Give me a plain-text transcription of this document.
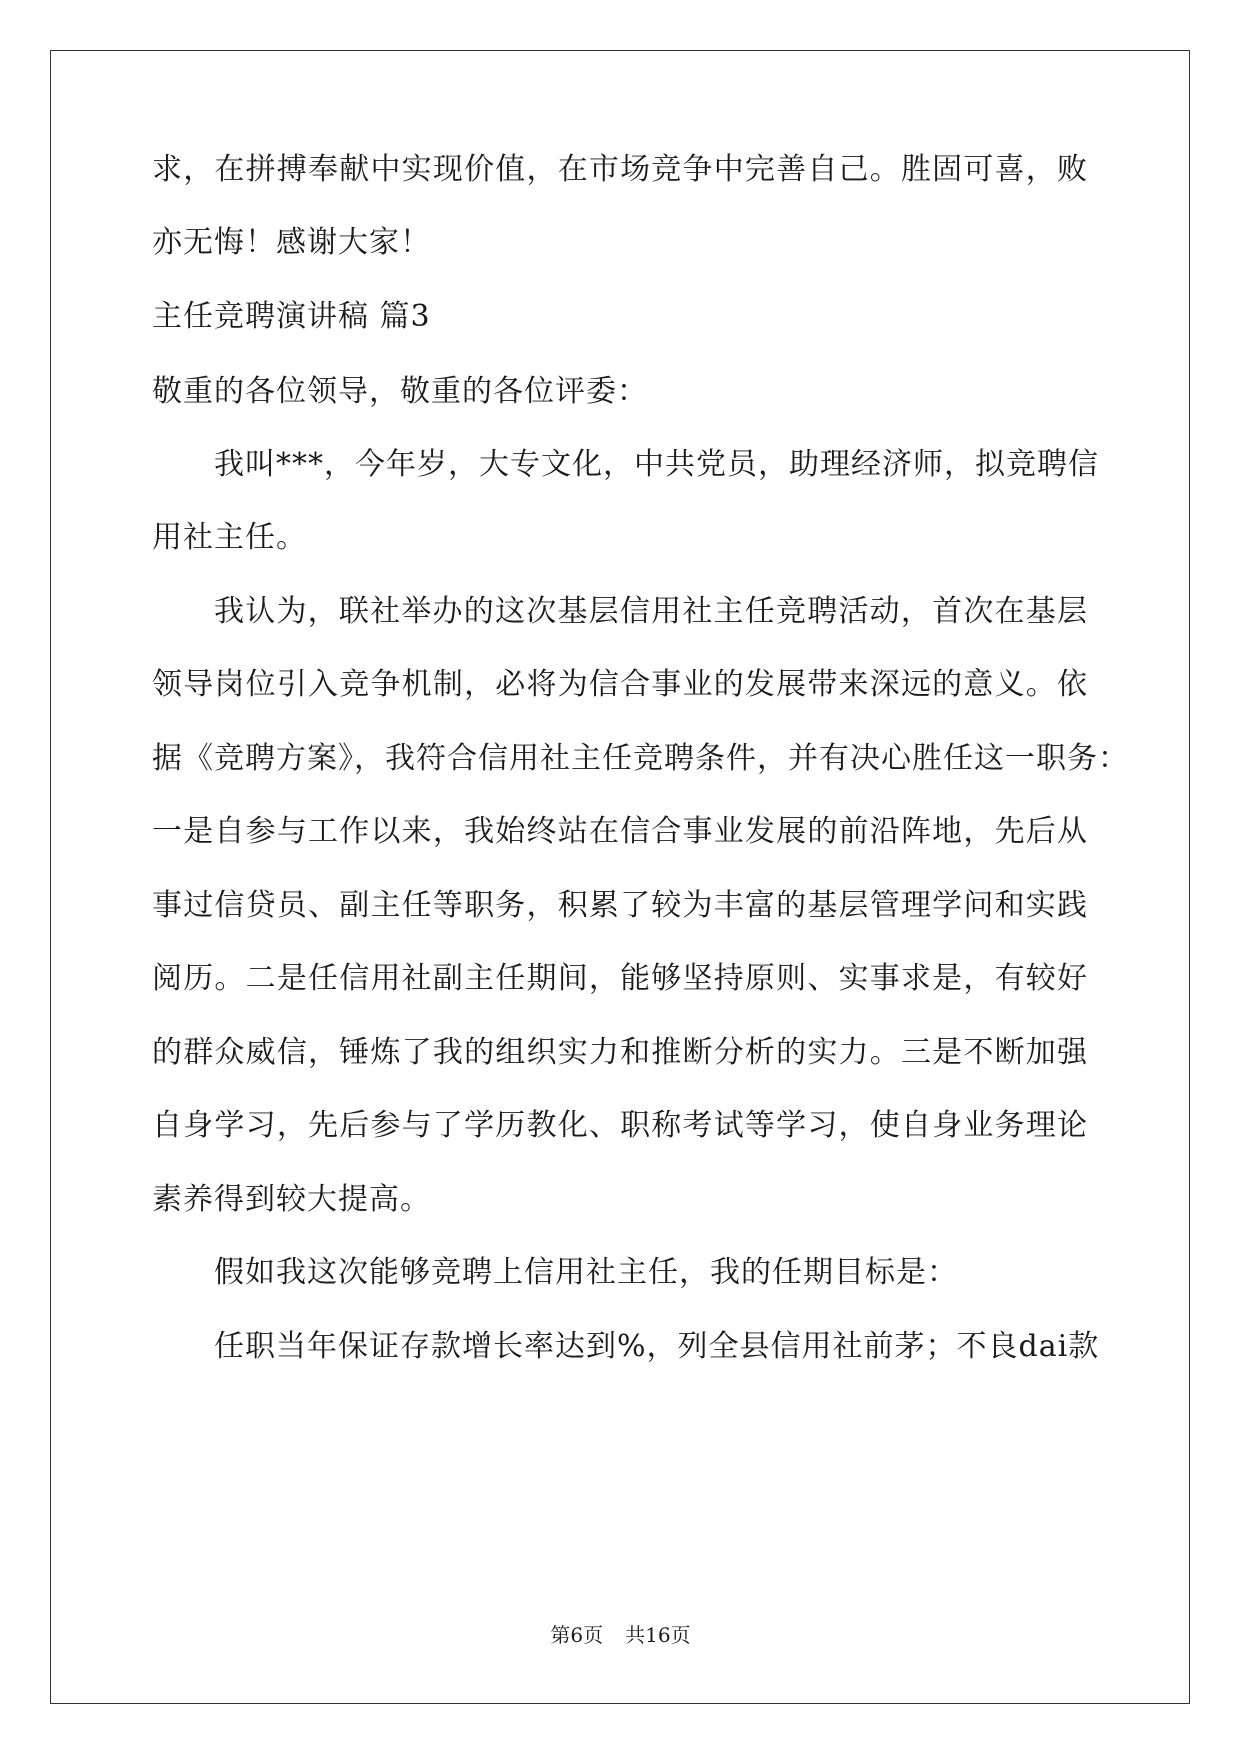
求，在拼搏奉献中实现价值，在市场竞争中完善自己。胜固可喜，败
亦无悔！感谢大家！
主任竞聘演讲稿 篇3
敬重的各位领导，敬重的各位评委：
我叫***，今年岁，大专文化，中共党员，助理经济师，拟竞聘信
用社主任。
我认为，联社举办的这次基层信用社主任竞聘活动，首次在基层
领导岗位引入竞争机制，必将为信合事业的发展带来深远的意义。依
据《竞聘方案》，我符合信用社主任竞聘条件，并有决心胜任这一职务：
一是自参与工作以来，我始终站在信合事业发展的前沿阵地，先后从
事过信贷员、副主任等职务，积累了较为丰富的基层管理学问和实践
阅历。二是任信用社副主任期间，能够坚持原则、实事求是，有较好
的群众威信，锤炼了我的组织实力和推断分析的实力。三是不断加强
自身学习，先后参与了学历教化、职称考试等学习，使自身业务理论
素养得到较大提高。
假如我这次能够竞聘上信用社主任，我的任期目标是：
任职当年保证存款增长率达到%，列全县信用社前茅；不良dai款
第6页 共16页
